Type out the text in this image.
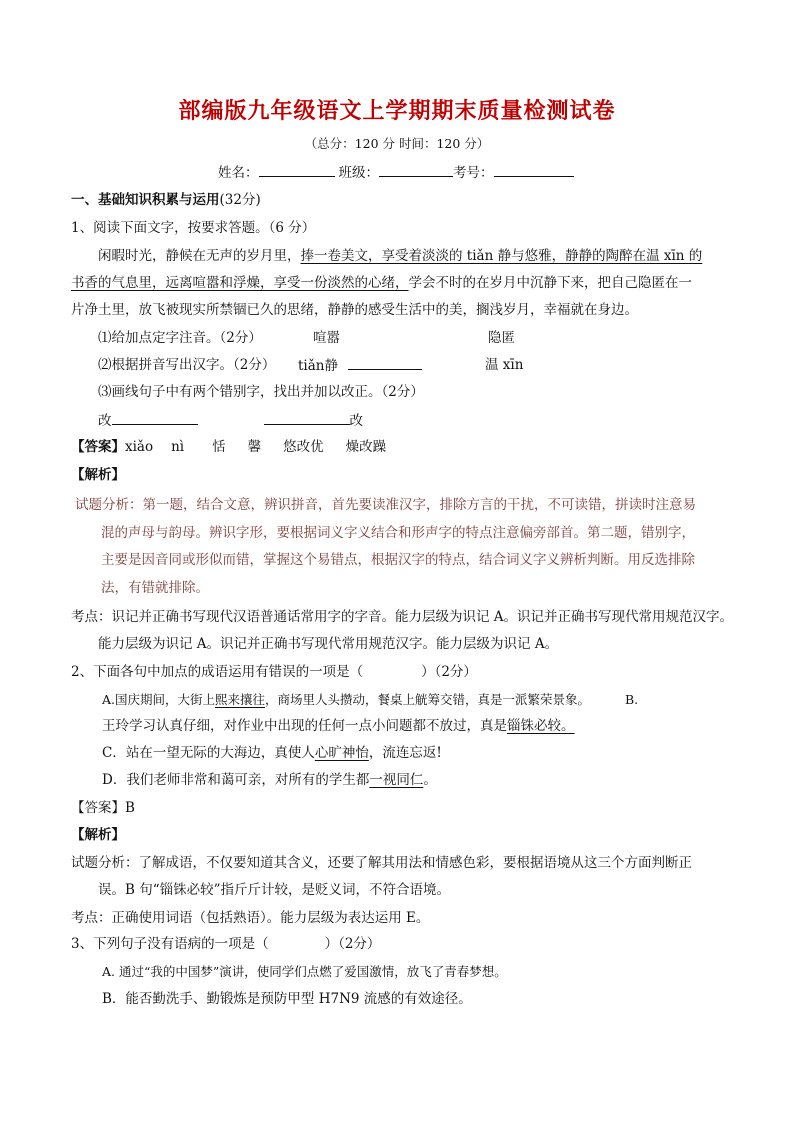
部编版九年级语文上学期期末质量检测试卷
（总分：120 分 时间：120 分）
姓名：	班级：	考号：
一、基础知识积累与运用(32分)
1、阅读下面文字，按要求答题。（6 分）
闲暇时光，静候在无声的岁月里，捧一卷美文，享受着淡淡的 tiǎn 静与悠雅，静静的陶醉在温 xīn 的
书香的气息里，远离喧嚣和浮燥，享受一份淡然的心绪，学会不时的在岁月中沉静下来，把自己隐匿在一
片净土里，放飞被现实所禁锢已久的思绪，静静的感受生活中的美，搁浅岁月，幸福就在身边。
⑴给加点定字注音。（2分）	喧嚣	隐匿
⑵根据拼音写出汉字。（2分） tiǎn静	温 xīn
⑶画线句子中有两个错别字，找出并加以改正。（2分）
改	改
【答案】xiǎo nì 恬 馨 悠改优 燥改躁
【解析】
试题分析：第一题，结合文意，辨识拼音，首先要读准汉字，排除方言的干扰，不可读错，拼读时注意易
混的声母与韵母。辨识字形，要根据词义字义结合和形声字的特点注意偏旁部首。第二题，错别字，
主要是因音同或形似而错，掌握这个易错点，根据汉字的特点，结合词义字义辨析判断。用反选排除
法，有错就排除。
考点：识记并正确书写现代汉语普通话常用字的字音。能力层级为识记 A。识记并正确书写现代常用规范汉字。
能力层级为识记 A。识记并正确书写现代常用规范汉字。能力层级为识记 A。
2、下面各句中加点的成语运用有错误的一项是（	）（2分）
A.国庆期间，大街上熙来攘往，商场里人头攒动，餐桌上觥筹交错，真是一派繁荣景象。	B.
王玲学习认真仔细，对作业中出现的任何一点小问题都不放过，真是锱铢必较。
C．站在一望无际的大海边，真使人心旷神怡，流连忘返!
D．我们老师非常和蔼可亲，对所有的学生都一视同仁。
【答案】B
【解析】
试题分析：了解成语，不仅要知道其含义，还要了解其用法和情感色彩，要根据语境从这三个方面判断正
误。B 句“锱铢必较”指斤斤计较，是贬义词，不符合语境。
考点：正确使用词语（包括熟语）。能力层级为表达运用 E。
3、下列句子没有语病的一项是（	）（2分）
A. 通过“我的中国梦”演讲，使同学们点燃了爱国激情，放飞了青春梦想。
B．能否勤洗手、勤锻炼是预防甲型 H7N9 流感的有效途径。
